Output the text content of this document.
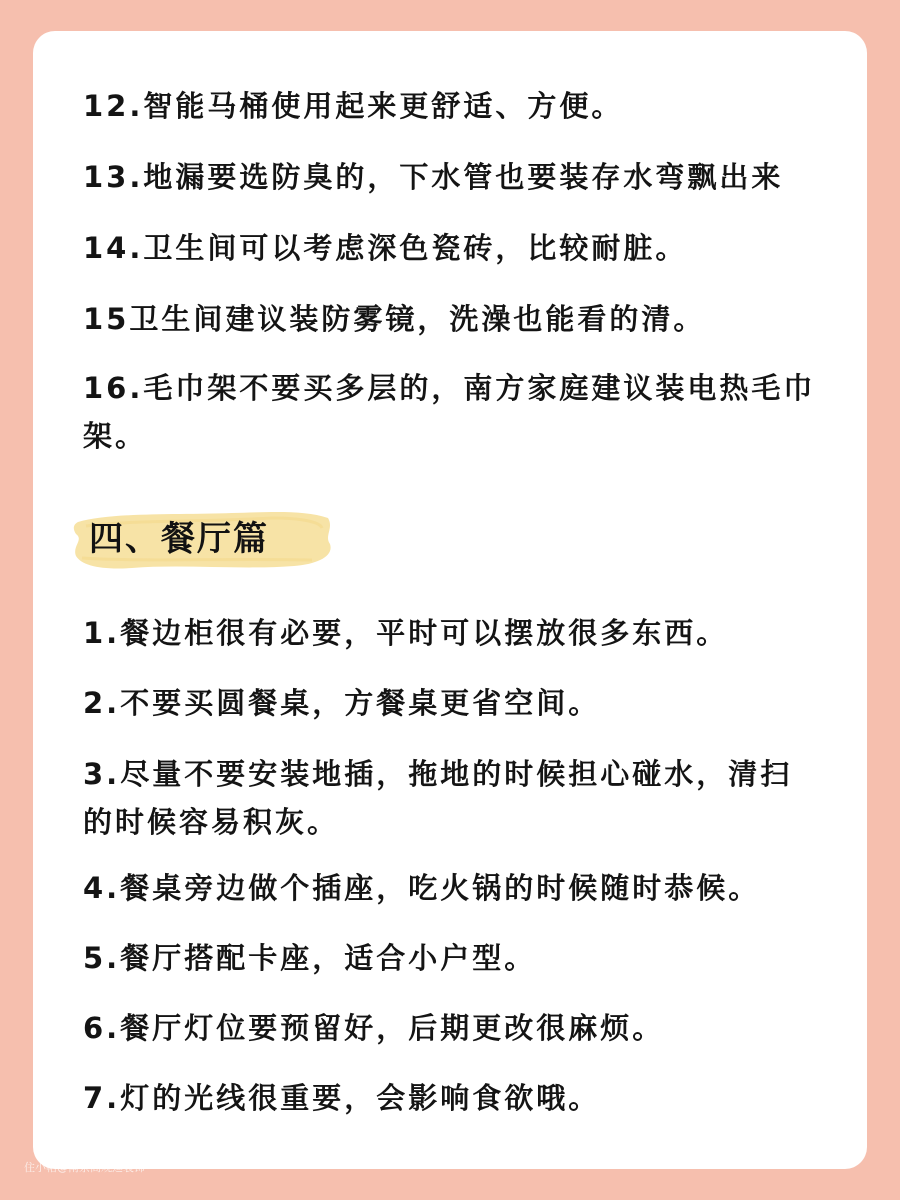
12.智能马桶使用起来更舒适、方便。
13.地漏要选防臭的，下水管也要装存水弯飘出来
14.卫生间可以考虑深色瓷砖，比较耐脏。
15卫生间建议装防雾镜，洗澡也能看的清。
16.毛巾架不要买多层的，南方家庭建议装电热毛巾架。
四、餐厅篇
1.餐边柜很有必要，平时可以摆放很多东西。
2.不要买圆餐桌，方餐桌更省空间。
3.尽量不要安装地插，拖地的时候担心碰水，清扫的时候容易积灰。
4.餐桌旁边做个插座，吃火锅的时候随时恭候。
5.餐厅搭配卡座，适合小户型。
6.餐厅灯位要预留好，后期更改很麻烦。
7.灯的光线很重要，会影响食欲哦。
住小帖@南京高观逗装饰
